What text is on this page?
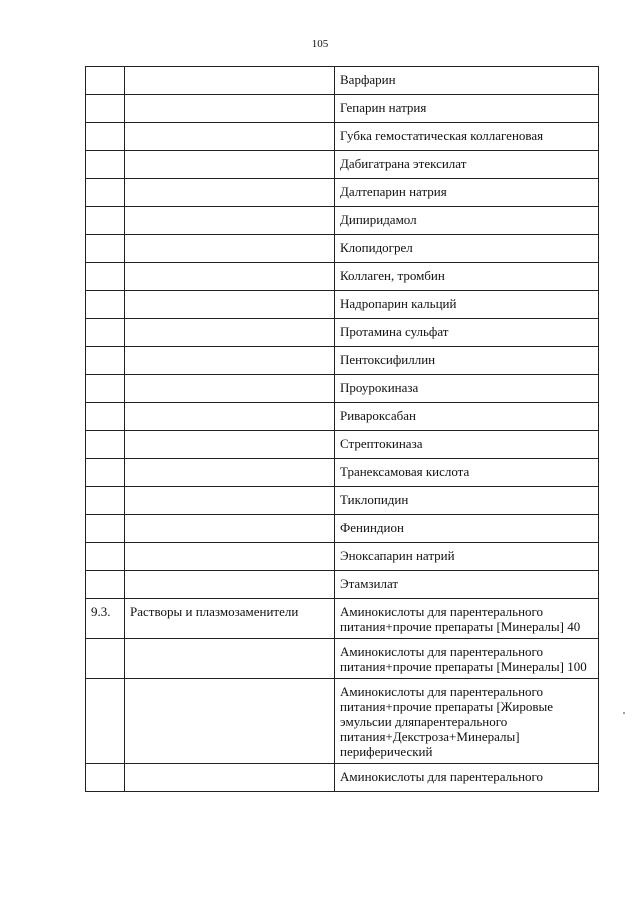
105
		Варфарин
		Гепарин натрия
		Губка гемостатическая коллагеновая
		Дабигатрана этексилат
		Далтепарин натрия
		Дипиридамол
		Клопидогрел
		Коллаген, тромбин
		Надропарин кальций
		Протамина сульфат
		Пентоксифиллин
		Проурокиназа
		Ривароксабан
		Стрептокиназа
		Транексамовая кислота
		Тиклопидин
		Фениндион
		Эноксапарин натрий
		Этамзилат
9.3.	Растворы и плазмозаменители	Аминокислоты для парентерального питания+прочие препараты [Минералы] 40
		Аминокислоты для парентерального питания+прочие препараты [Минералы] 100
		Аминокислоты для парентерального питания+прочие препараты [Жировые эмульсии дляпарентерального питания+Декстроза+Минералы] периферический
		Аминокислоты для парентерального
